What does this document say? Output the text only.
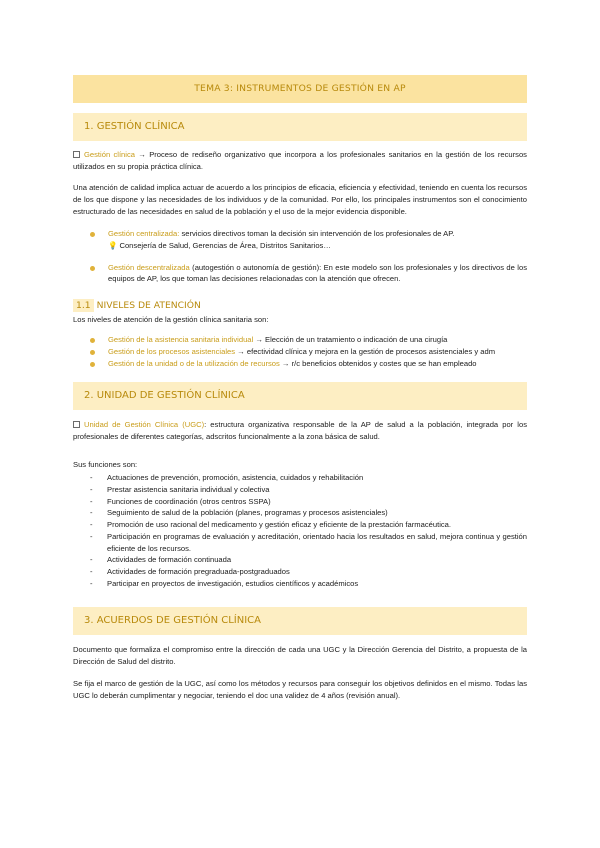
TEMA 3: INSTRUMENTOS DE GESTIÓN EN AP
1. GESTIÓN CLÍNICA
Gestión clínica → Proceso de rediseño organizativo que incorpora a los profesionales sanitarios en la gestión de los recursos utilizados en su propia práctica clínica.
Una atención de calidad implica actuar de acuerdo a los principios de eficacia, eficiencia y efectividad, teniendo en cuenta los recursos de los que dispone y las necesidades de los individuos y de la comunidad. Por ello, los principales instrumentos son el conocimiento estructurado de las necesidades en salud de la población y el uso de la mejor evidencia disponible.
Gestión centralizada: servicios directivos toman la decisión sin intervención de los profesionales de AP.
💡 Consejería de Salud, Gerencias de Área, Distritos Sanitarios…
Gestión descentralizada (autogestión o autonomía de gestión): En este modelo son los profesionales y los directivos de los equipos de AP, los que toman las decisiones relacionadas con la atención que ofrecen.
1.1 NIVELES DE ATENCIÓN
Los niveles de atención de la gestión clínica sanitaria son:
Gestión de la asistencia sanitaria individual → Elección de un tratamiento o indicación de una cirugía
Gestión de los procesos asistenciales → efectividad clínica y mejora en la gestión de procesos asistenciales y adm
Gestión de la unidad o de la utilización de recursos → r/c beneficios obtenidos y costes que se han empleado
2. UNIDAD DE GESTIÓN CLÍNICA
Unidad de Gestión Clínica (UGC): estructura organizativa responsable de la AP de salud a la población, integrada por los profesionales de diferentes categorías, adscritos funcionalmente a la zona básica de salud.
Sus funciones son:
- Actuaciones de prevención, promoción, asistencia, cuidados y rehabilitación
- Prestar asistencia sanitaria individual y colectiva
- Funciones de coordinación (otros centros SSPA)
- Seguimiento de salud de la población (planes, programas y procesos asistenciales)
- Promoción de uso racional del medicamento y gestión eficaz y eficiente de la prestación farmacéutica.
- Participación en programas de evaluación y acreditación, orientado hacia los resultados en salud, mejora continua y gestión eficiente de los recursos.
- Actividades de formación continuada
- Actividades de formación pregraduada-postgraduados
- Participar en proyectos de investigación, estudios científicos y académicos
3. ACUERDOS DE GESTIÓN CLÍNICA
Documento que formaliza el compromiso entre la dirección de cada una UGC y la Dirección Gerencia del Distrito, a propuesta de la Dirección de Salud del distrito.
Se fija el marco de gestión de la UGC, así como los métodos y recursos para conseguir los objetivos definidos en el mismo. Todas las UGC lo deberán cumplimentar y negociar, teniendo el doc una validez de 4 años (revisión anual).
